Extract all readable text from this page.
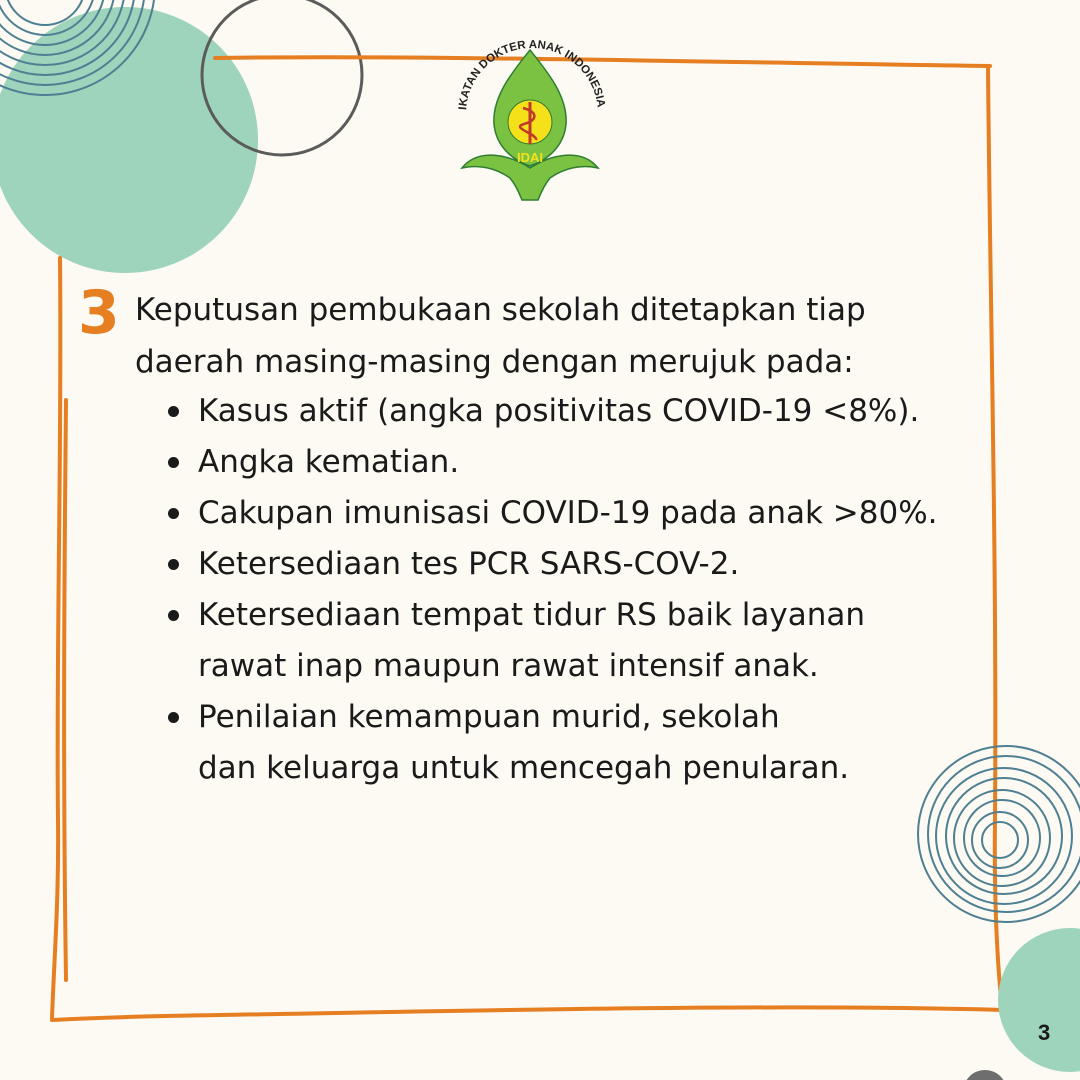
IKATAN DOKTER ANAK INDONESIA
IDAI
3 Keputusan pembukaan sekolah ditetapkan tiap
daerah masing-masing dengan merujuk pada:

Kasus aktif (angka positivitas COVID-19 <8%).
Angka kematian.
Cakupan imunisasi COVID-19 pada anak >80%.
Ketersediaan tes PCR SARS-COV-2.
Ketersediaan tempat tidur RS baik layanan
rawat inap maupun rawat intensif anak.
Penilaian kemampuan murid, sekolah
dan keluarga untuk mencegah penularan.
3
